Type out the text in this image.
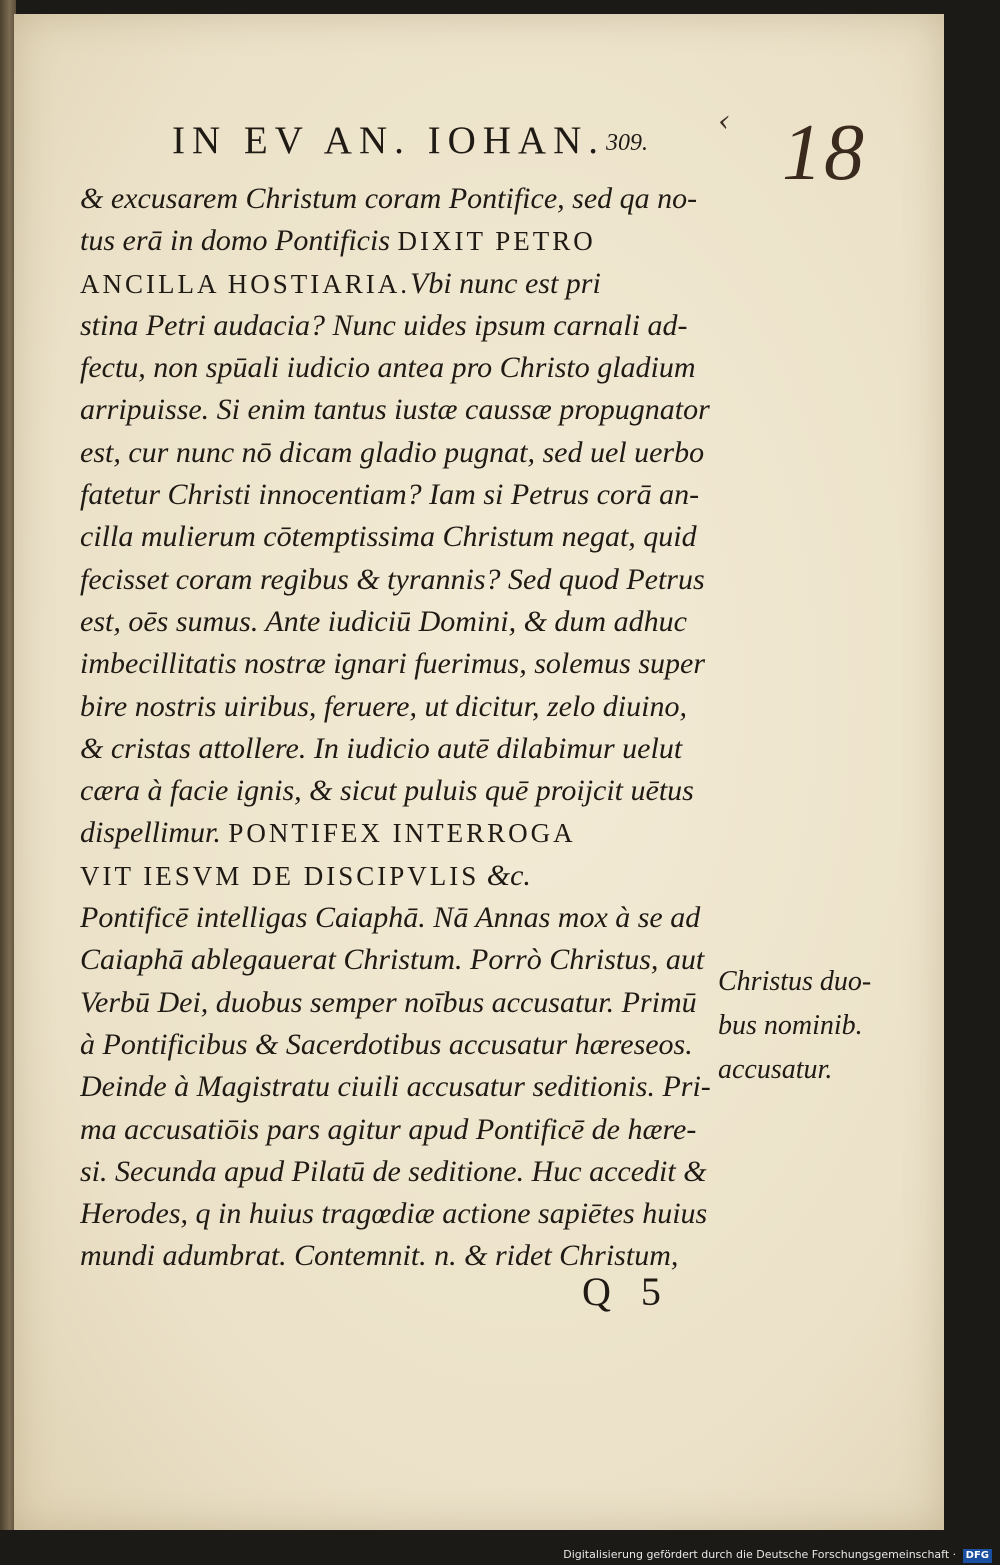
IN EV AN. IOHAN. 309.
‹ 18
& excusarem Christum coram Pontifice, sed qa no-
tus erā in domo Pontificis DIXIT PETRO
ANCILLA HOSTIARIA.Vbi nunc est pri
stina Petri audacia? Nunc uides ipsum carnali ad-
fectu, non spūali iudicio antea pro Christo gladium
arripuisse. Si enim tantus iustæ caussæ propugnator
est, cur nunc nō dicam gladio pugnat, sed uel uerbo
fatetur Christi innocentiam? Iam si Petrus corā an-
cilla mulierum cōtemptissima Christum negat, quid
fecisset coram regibus & tyrannis? Sed quod Petrus
est, oēs sumus. Ante iudiciū Domini, & dum adhuc
imbecillitatis nostræ ignari fuerimus, solemus super
bire nostris uiribus, feruere, ut dicitur, zelo diuino,
& cristas attollere. In iudicio autē dilabimur uelut
cæra à facie ignis, & sicut puluis quē proijcit uētus
dispellimur. PONTIFEX INTERROGA
VIT IESVM DE DISCIPVLIS &c.
Pontificē intelligas Caiaphā. Nā Annas mox à se ad
Caiaphā ablegauerat Christum. Porrò Christus, aut
Verbū Dei, duobus semper noībus accusatur. Primū
à Pontificibus & Sacerdotibus accusatur hæreseos.
Deinde à Magistratu ciuili accusatur seditionis. Pri-
ma accusatiōis pars agitur apud Pontificē de hære-
si. Secunda apud Pilatū de seditione. Huc accedit &
Herodes, q in huius tragœdiæ actione sapiētes huius
mundi adumbrat. Contemnit. n. & ridet Christum,
Christus duo-
bus nominib.
accusatur.
Q 5
Digitalisierung gefördert durch die Deutsche Forschungsgemeinschaft · DFG
